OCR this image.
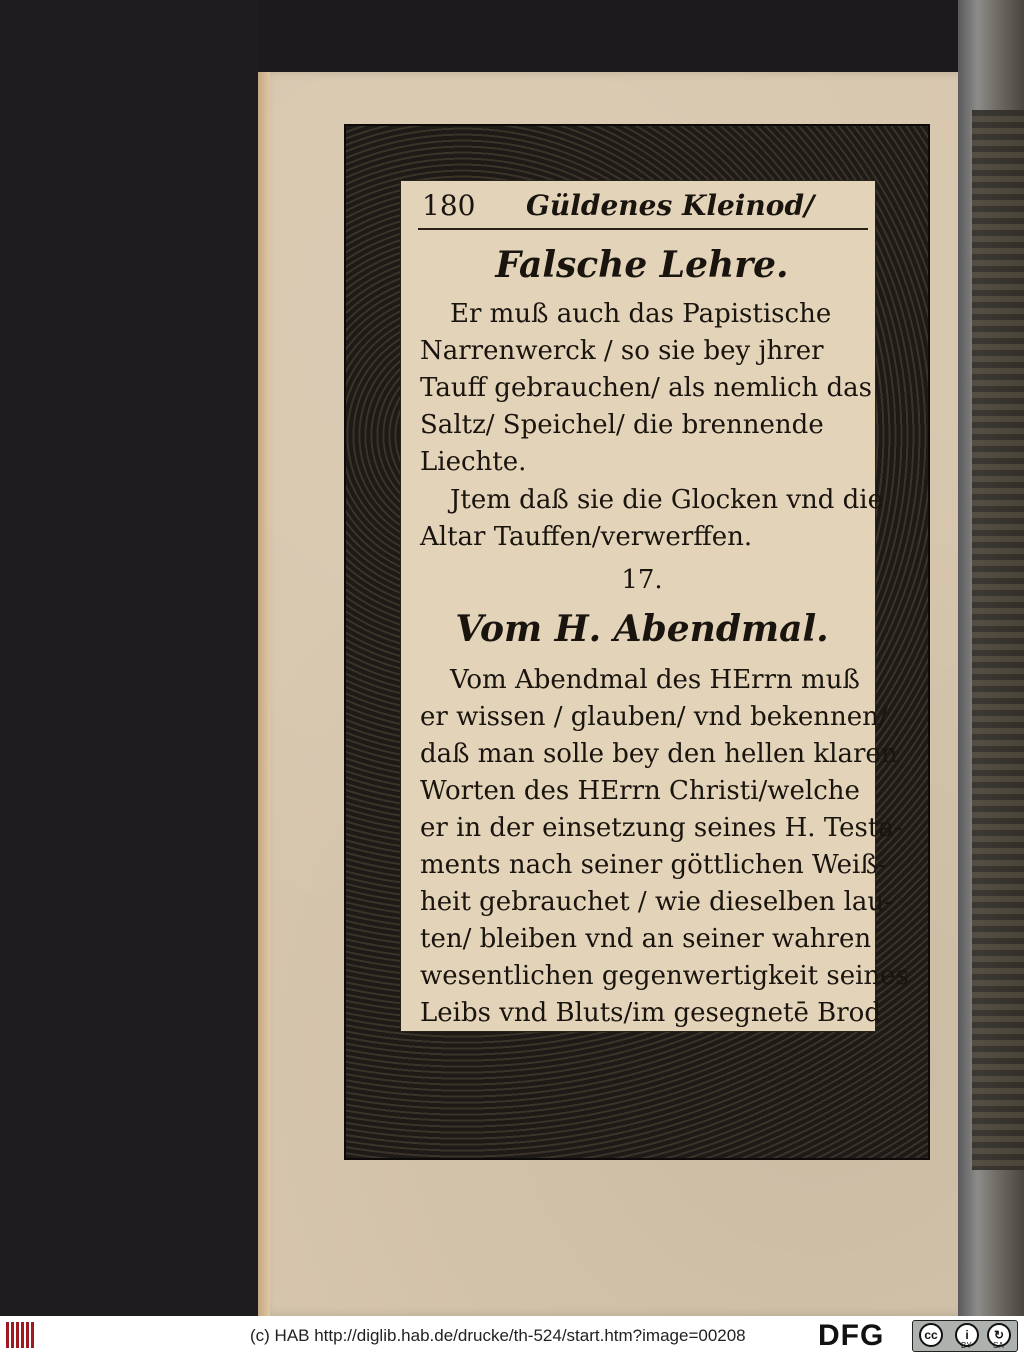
180 Güldenes Kleinod/
Falsche Lehre.
Er muß auch das Papistische
Narrenwerck / so sie bey jhrer
Tauff gebrauchen/ als nemlich das
Saltz/ Speichel/ die brennende
Liechte.
Jtem daß sie die Glocken vnd die
Altar Tauffen/verwerffen.
17.
Vom H. Abendmal.
Vom Abendmal des HErrn muß
er wissen / glauben/ vnd bekennen/
daß man solle bey den hellen klaren
Worten des HErrn Christi/welche
er in der einsetzung seines H. Testa-
ments nach seiner göttlichen Weiß-
heit gebrauchet / wie dieselben lau-
ten/ bleiben vnd an seiner wahren
wesentlichen gegenwertigkeit seines
Leibs vnd Bluts/im gesegnetē Brod
(c) HAB http://diglib.hab.de/drucke/th-524/start.htm?image=00208 DFG	cc	i	↻
BY	SA
